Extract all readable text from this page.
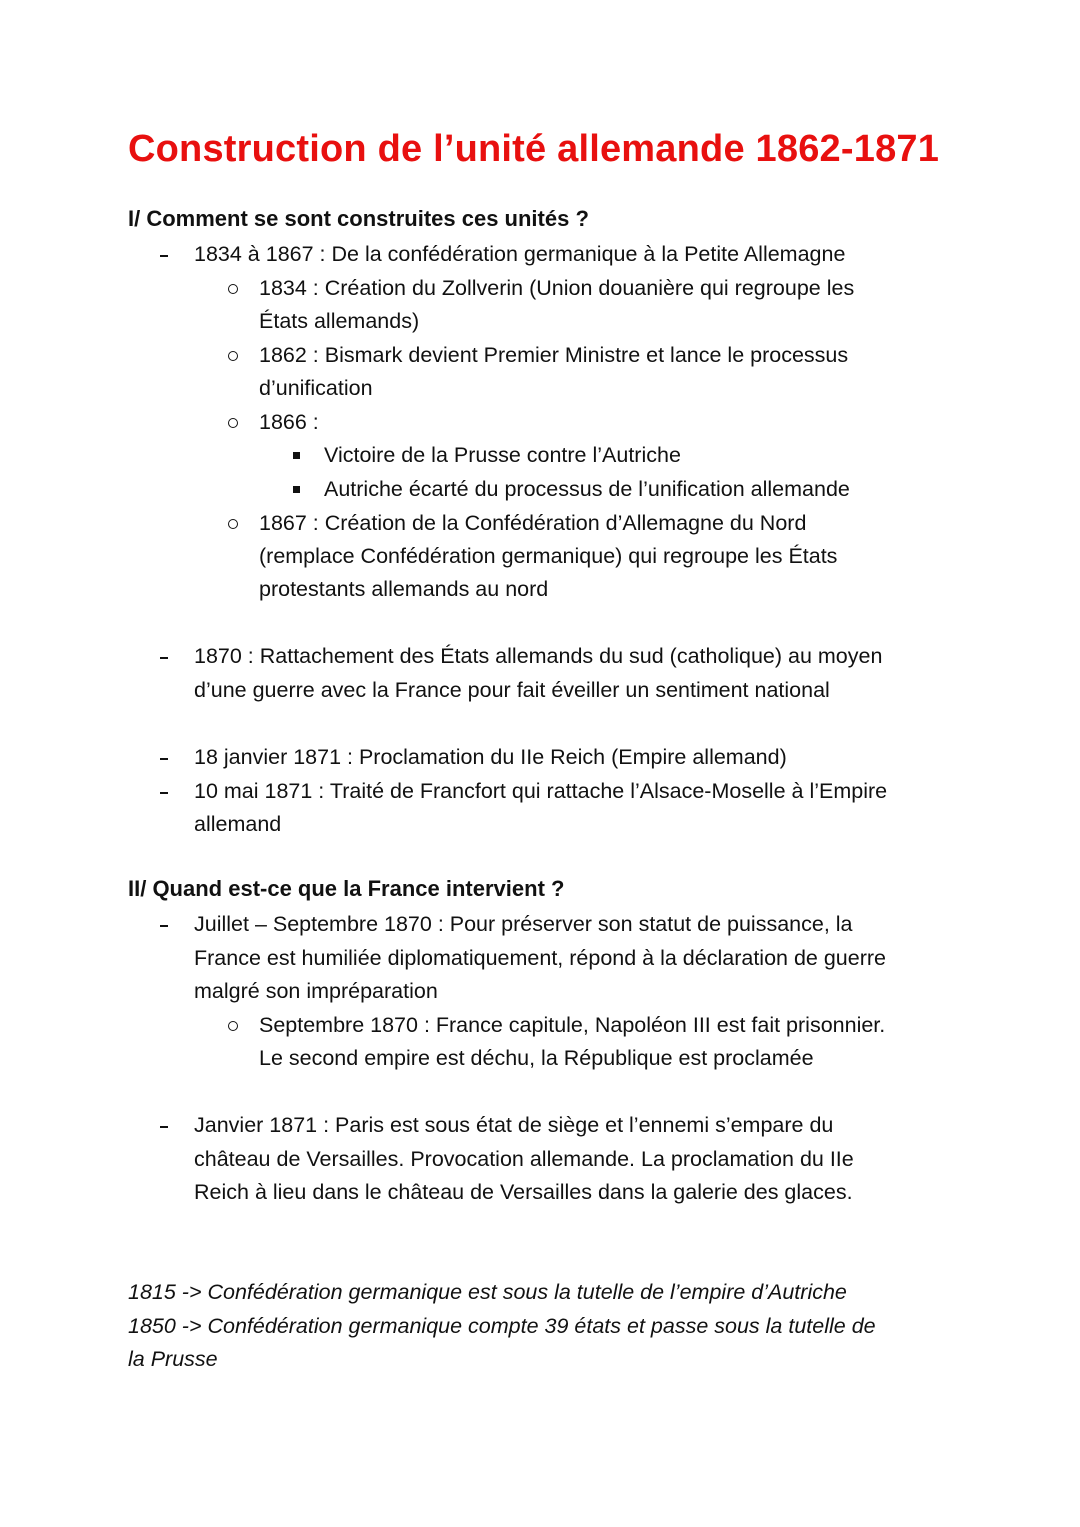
Construction de l’unité allemande 1862-1871
I/ Comment se sont construites ces unités ?
1834 à 1867 : De la confédération germanique à la Petite Allemagne
1834 : Création du Zollverin (Union douanière qui regroupe les
États allemands)
1862 : Bismark devient Premier Ministre et lance le processus
d’unification
1866 :
Victoire de la Prusse contre l’Autriche
Autriche écarté du processus de l’unification allemande
1867 : Création de la Confédération d’Allemagne du Nord
(remplace Confédération germanique) qui regroupe les États
protestants allemands au nord
1870 : Rattachement des États allemands du sud (catholique) au moyen
d’une guerre avec la France pour fait éveiller un sentiment national
18 janvier 1871 : Proclamation du IIe Reich (Empire allemand)
10 mai 1871 : Traité de Francfort qui rattache l’Alsace-Moselle à l’Empire
allemand
II/ Quand est-ce que la France intervient ?
Juillet – Septembre 1870 : Pour préserver son statut de puissance, la
France est humiliée diplomatiquement, répond à la déclaration de guerre
malgré son impréparation
Septembre 1870 : France capitule, Napoléon III est fait prisonnier.
Le second empire est déchu, la République est proclamée
Janvier 1871 : Paris est sous état de siège et l’ennemi s’empare du
château de Versailles. Provocation allemande. La proclamation du IIe
Reich à lieu dans le château de Versailles dans la galerie des glaces.
1815 -> Confédération germanique est sous la tutelle de l’empire d’Autriche
1850 -> Confédération germanique compte 39 états et passe sous la tutelle de
la Prusse
